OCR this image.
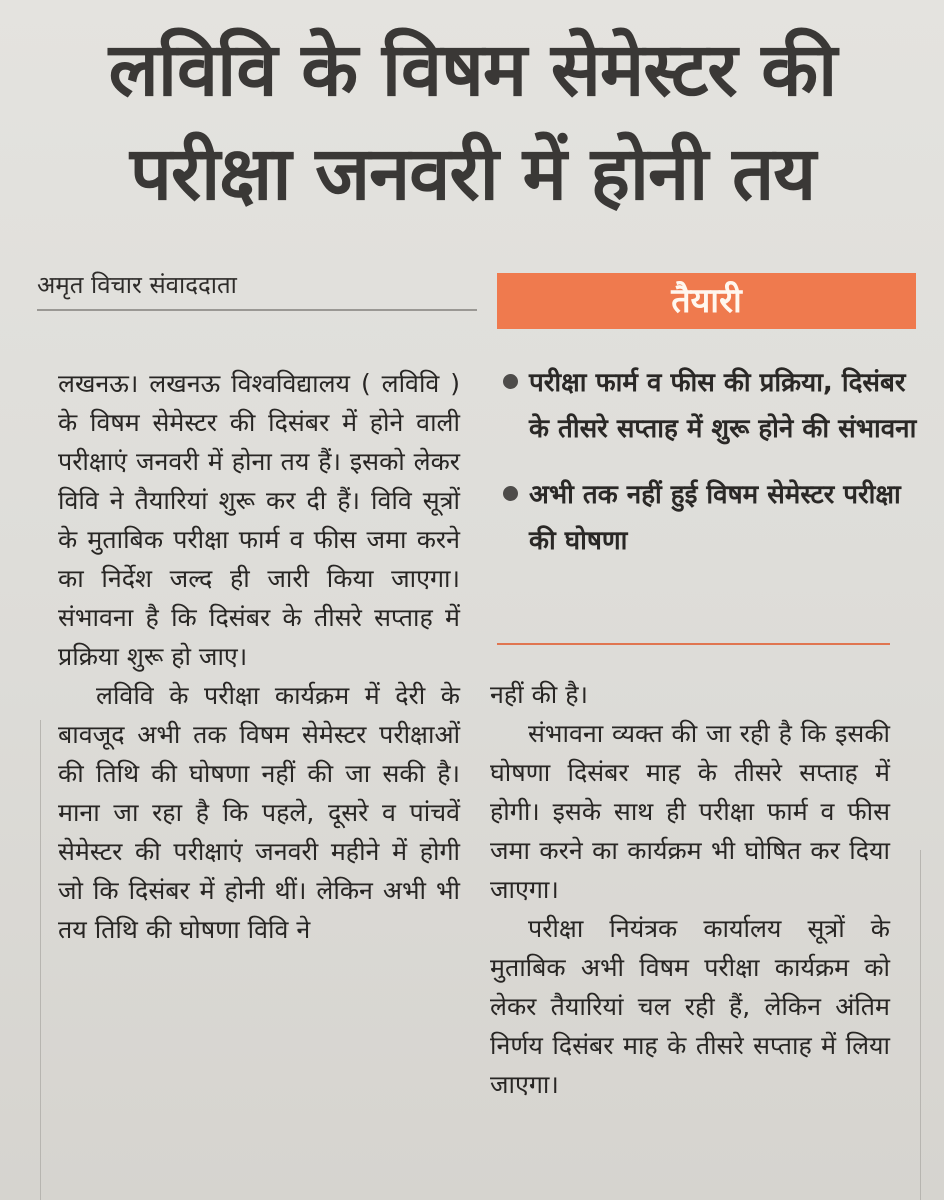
लविवि के विषम सेमेस्टर की परीक्षा जनवरी में होनी तय
अमृत विचार संवाददाता	तैयारी
परीक्षा फार्म व फीस की प्रक्रिया, दिसंबर के तीसरे सप्ताह में शुरू होने की संभावना
अभी तक नहीं हुई विषम सेमेस्टर परीक्षा की घोषणा

लखनऊ। लखनऊ विश्वविद्यालय ( लविवि ) के विषम सेमेस्टर की दिसंबर में होने वाली परीक्षाएं जनवरी में होना तय हैं। इसको लेकर विवि ने तैयारियां शुरू कर दी हैं। विवि सूत्रों के मुताबिक परीक्षा फार्म व फीस जमा करने का निर्देश जल्द ही जारी किया जाएगा। संभावना है कि दिसंबर के तीसरे सप्ताह में प्रक्रिया शुरू हो जाए।

लविवि के परीक्षा कार्यक्रम में देरी के बावजूद अभी तक विषम सेमेस्टर परीक्षाओं की तिथि की घोषणा नहीं की जा सकी है। माना जा रहा है कि पहले, दूसरे व पांचवें सेमेस्टर की परीक्षाएं जनवरी महीने में होगी जो कि दिसंबर में होनी थीं। लेकिन अभी भी तय तिथि की घोषणा विवि ने

नहीं की है।

संभावना व्यक्त की जा रही है कि इसकी घोषणा दिसंबर माह के तीसरे सप्ताह में होगी। इसके साथ ही परीक्षा फार्म व फीस जमा करने का कार्यक्रम भी घोषित कर दिया जाएगा।

परीक्षा नियंत्रक कार्यालय सूत्रों के मुताबिक अभी विषम परीक्षा कार्यक्रम को लेकर तैयारियां चल रही हैं, लेकिन अंतिम निर्णय दिसंबर माह के तीसरे सप्ताह में लिया जाएगा।
